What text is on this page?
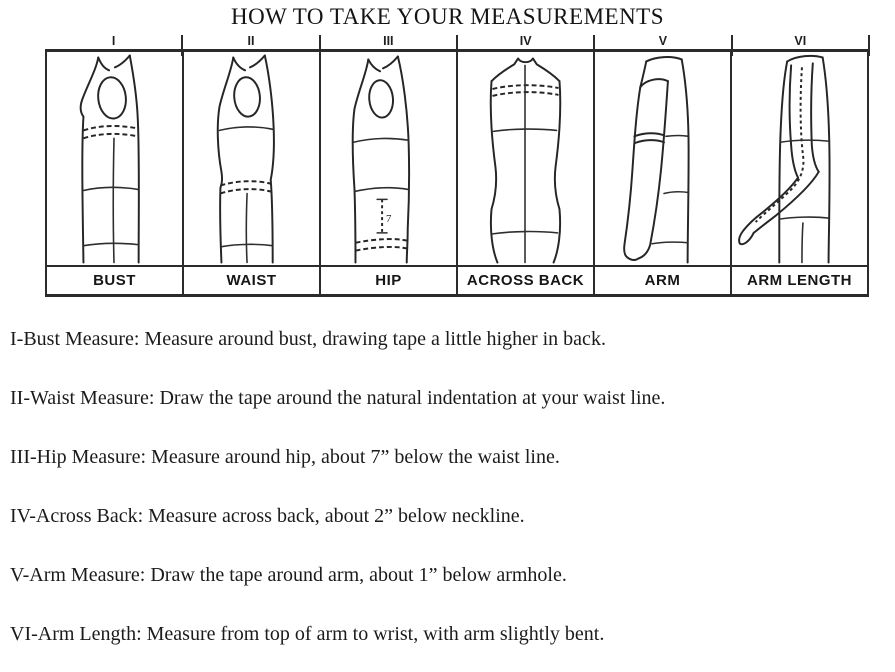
HOW TO TAKE YOUR MEASUREMENTS
I	II	III	IV	V	VI
7
BUST	WAIST	HIP	ACROSS BACK	ARM	ARM LENGTH
I-Bust Measure: Measure around bust, drawing tape a little higher in back.
II-Waist Measure: Draw the tape around the natural indentation at your waist line.
III-Hip Measure: Measure around hip, about 7” below the waist line.
IV-Across Back: Measure across back, about 2” below neckline.
V-Arm Measure: Draw the tape around arm, about 1” below armhole.
VI-Arm Length: Measure from top of arm to wrist, with arm slightly bent.
